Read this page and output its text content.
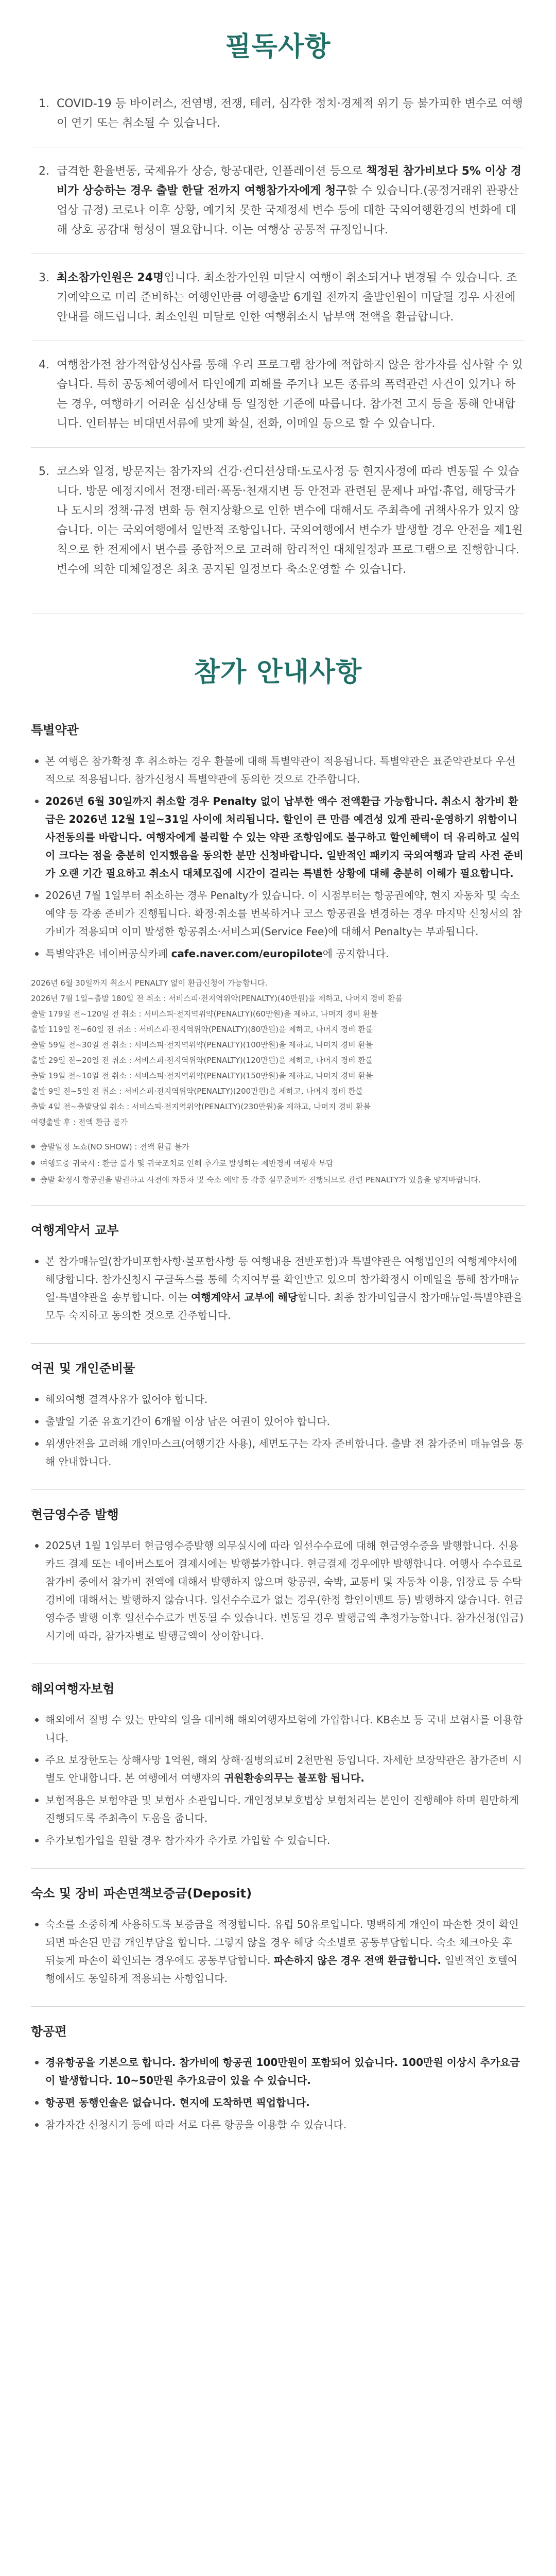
필독사항
1. COVID-19 등 바이러스, 전염병, 전쟁, 테러, 심각한 정치·경제적 위기 등 불가피한 변수로 여행이 연기 또는 취소될 수 있습니다.
2. 급격한 환율변동, 국제유가 상승, 항공대란, 인플레이션 등으로 책정된 참가비보다 5% 이상 경비가 상승하는 경우 출발 한달 전까지 여행참가자에게 청구할 수 있습니다.(공정거래위 관광산업상 규정) 코로나 이후 상황, 예기치 못한 국제정세 변수 등에 대한 국외여행환경의 변화에 대해 상호 공감대 형성이 필요합니다. 이는 여행상 공통적 규정입니다.
3. 최소참가인원은 24명입니다. 최소참가인원 미달시 여행이 취소되거나 변경될 수 있습니다. 조기예약으로 미리 준비하는 여행인만큼 여행출발 6개월 전까지 출발인원이 미달될 경우 사전에 안내를 해드립니다. 최소인원 미달로 인한 여행취소시 납부액 전액을 환급합니다.
4. 여행참가전 참가적합성심사를 통해 우리 프로그램 참가에 적합하지 않은 참가자를 심사할 수 있습니다. 특히 공동체여행에서 타인에게 피해를 주거나 모든 종류의 폭력관련 사건이 있거나 하는 경우, 여행하기 어려운 심신상태 등 일정한 기준에 따릅니다. 참가전 고지 등을 통해 안내합니다. 인터뷰는 비대면서류에 맞게 확실, 전화, 이메일 등으로 할 수 있습니다.
5. 코스와 일정, 방문지는 참가자의 건강·컨디션상태·도로사정 등 현지사정에 따라 변동될 수 있습니다. 방문 예정지에서 전쟁·테러·폭동·천재지변 등 안전과 관련된 문제나 파업·휴업, 해당국가나 도시의 정책·규정 변화 등 현지상황으로 인한 변수에 대해서도 주최측에 귀책사유가 있지 않습니다. 이는 국외여행에서 일반적 조항입니다. 국외여행에서 변수가 발생할 경우 안전을 제1원칙으로 한 전제에서 변수를 종합적으로 고려해 합리적인 대체일정과 프로그램으로 진행합니다. 변수에 의한 대체일정은 최초 공지된 일정보다 축소운영할 수 있습니다.
참가 안내사항
특별약관
본 여행은 참가확정 후 취소하는 경우 환불에 대해 특별약관이 적용됩니다. 특별약관은 표준약관보다 우선적으로 적용됩니다. 참가신청시 특별약관에 동의한 것으로 간주합니다.
2026년 6월 30일까지 취소할 경우 Penalty 없이 납부한 액수 전액환급 가능합니다. 취소시 참가비 환급은 2026년 12월 1일~31일 사이에 처리됩니다. 할인이 큰 만큼 예견성 있게 관리·운영하기 위함이니 사전동의를 바랍니다. 여행자에게 불리할 수 있는 약관 조항임에도 불구하고 할인혜택이 더 유리하고 실익이 크다는 점을 충분히 인지했음을 동의한 분만 신청바랍니다. 일반적인 패키지 국외여행과 달리 사전 준비가 오랜 기간 필요하고 취소시 대체모집에 시간이 걸리는 특별한 상황에 대해 충분히 이해가 필요합니다.
2026년 7월 1일부터 취소하는 경우 Penalty가 있습니다. 이 시점부터는 항공권예약, 현지 자동차 및 숙소 예약 등 각종 준비가 진행됩니다. 확정·취소를 번복하거나 코스 항공권을 변경하는 경우 마지막 신청서의 참가비가 적용되며 이미 발생한 항공취소·서비스피(Service Fee)에 대해서 Penalty는 부과됩니다.
특별약관은 네이버공식카페 cafe.naver.com/europilote에 공지합니다.
2026년 6월 30일까지 취소시 PENALTY 없이 환급신청이 가능합니다.
2026년 7월 1일~출발 180일 전 취소 : 서비스피·전지역위약(PENALTY)(40만원)을 제하고, 나머지 경비 환불
출발 179일 전~120일 전 취소 : 서비스피·전지역위약(PENALTY)(60만원)을 제하고, 나머지 경비 환불
출발 119일 전~60일 전 취소 : 서비스피·전지역위약(PENALTY)(80만원)을 제하고, 나머지 경비 환불
출발 59일 전~30일 전 취소 : 서비스피·전지역위약(PENALTY)(100만원)을 제하고, 나머지 경비 환불
출발 29일 전~20일 전 취소 : 서비스피·전지역위약(PENALTY)(120만원)을 제하고, 나머지 경비 환불
출발 19일 전~10일 전 취소 : 서비스피·전지역위약(PENALTY)(150만원)을 제하고, 나머지 경비 환불
출발 9일 전~5일 전 취소 : 서비스피·전지역위약(PENALTY)(200만원)을 제하고, 나머지 경비 환불
출발 4일 전~출발당일 취소 : 서비스피·전지역위약(PENALTY)(230만원)을 제하고, 나머지 경비 환불
여행출발 후 : 전액 환급 불가
● 출발일정 노쇼(NO SHOW) : 전액 환급 불가
● 여행도중 귀국시 : 환급 불가 및 귀국조치로 인해 추가로 발생하는 제반경비 여행자 부담
● 출발 확정시 항공권을 발권하고 사전에 자동차 및 숙소 예약 등 각종 실무준비가 진행되므로 관련 PENALTY가 있음을 양지바랍니다.
여행계약서 교부
본 참가매뉴얼(참가비포함사항·불포함사항 등 여행내용 전반포함)과 특별약관은 여행법인의 여행계약서에 해당합니다. 참가신청시 구글독스를 통해 숙지여부를 확인받고 있으며 참가확정시 이메일을 통해 참가매뉴얼·특별약관을 송부합니다. 이는 여행계약서 교부에 해당합니다. 최종 참가비입금시 참가매뉴얼·특별약관을 모두 숙지하고 동의한 것으로 간주합니다.
여권 및 개인준비물
해외여행 결격사유가 없어야 합니다.
출발일 기준 유효기간이 6개월 이상 남은 여권이 있어야 합니다.
위생안전을 고려해 개인마스크(여행기간 사용), 세면도구는 각자 준비합니다. 출발 전 참가준비 매뉴얼을 통해 안내합니다.
현금영수증 발행
2025년 1월 1일부터 현금영수증발행 의무실시에 따라 일선수수료에 대해 현금영수증을 발행합니다. 신용카드 결제 또는 네이버스토어 결제시에는 발행불가합니다. 현금결제 경우에만 발행합니다. 여행사 수수료로 참가비 중에서 참가비 전액에 대해서 발행하지 않으며 항공권, 숙박, 교통비 및 자동차 이용, 입장료 등 수탁경비에 대해서는 발행하지 않습니다. 일선수수료가 없는 경우(한정 할인이벤트 등) 발행하지 않습니다. 현금영수증 발행 이후 일선수수료가 변동될 수 있습니다. 변동될 경우 발행금액 추정가능합니다. 참가신청(입금) 시기에 따라, 참가자별로 발행금액이 상이합니다.
해외여행자보험
해외에서 질병 수 있는 만약의 일을 대비해 해외여행자보험에 가입합니다. KB손보 등 국내 보험사를 이용합니다.
주요 보장한도는 상해사망 1억원, 해외 상해·질병의료비 2천만원 등입니다. 자세한 보장약관은 참가준비 시 별도 안내합니다. 본 여행에서 여행자의 귀원환송의무는 불포함 됩니다.
보험적용은 보험약관 및 보험사 소관입니다. 개인정보보호법상 보험처리는 본인이 진행해야 하며 원만하게 진행되도록 주최측이 도움을 줍니다.
추가보험가입을 원할 경우 참가자가 추가로 가입할 수 있습니다.
숙소 및 장비 파손면책보증금(Deposit)
숙소를 소중하게 사용하도록 보증금을 적정합니다. 유럽 50유로입니다. 명백하게 개인이 파손한 것이 확인되면 파손된 만큼 개인부담을 합니다. 그렇지 않을 경우 해당 숙소별로 공동부담합니다. 숙소 체크아웃 후 뒤늦게 파손이 확인되는 경우에도 공동부담합니다. 파손하지 않은 경우 전액 환급합니다. 일반적인 호텔여행에서도 동일하게 적용되는 사항입니다.
항공편
경유항공을 기본으로 합니다. 참가비에 항공권 100만원이 포함되어 있습니다. 100만원 이상시 추가요금이 발생합니다. 10~50만원 추가요금이 있을 수 있습니다.
항공편 동행인솔은 없습니다. 현지에 도착하면 픽업합니다.
참가자간 신청시기 등에 따라 서로 다른 항공을 이용할 수 있습니다.
